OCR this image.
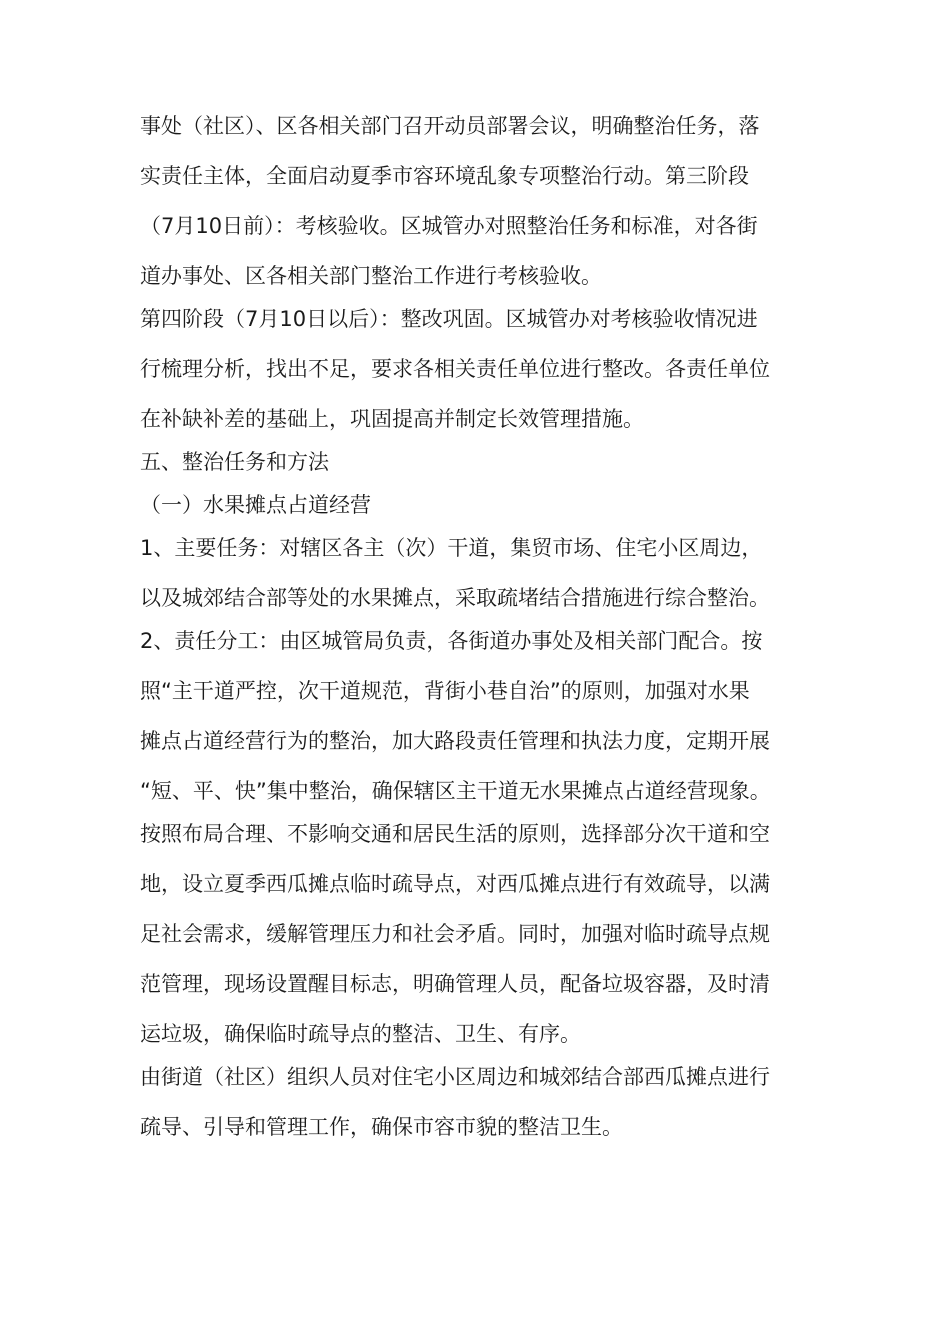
事处（社区）、区各相关部门召开动员部署会议，明确整治任务，落
实责任主体，全面启动夏季市容环境乱象专项整治行动。第三阶段
（7月10日前）：考核验收。区城管办对照整治任务和标准，对各街
道办事处、区各相关部门整治工作进行考核验收。
第四阶段（7月10日以后）：整改巩固。区城管办对考核验收情况进
行梳理分析，找出不足，要求各相关责任单位进行整改。各责任单位
在补缺补差的基础上，巩固提高并制定长效管理措施。
五、整治任务和方法
（一）水果摊点占道经营
1、主要任务：对辖区各主（次）干道，集贸市场、住宅小区周边，
以及城郊结合部等处的水果摊点，采取疏堵结合措施进行综合整治。
2、责任分工：由区城管局负责，各街道办事处及相关部门配合。按
照“主干道严控，次干道规范，背街小巷自治”的原则，加强对水果
摊点占道经营行为的整治，加大路段责任管理和执法力度，定期开展
“短、平、快”集中整治，确保辖区主干道无水果摊点占道经营现象。
按照布局合理、不影响交通和居民生活的原则，选择部分次干道和空
地，设立夏季西瓜摊点临时疏导点，对西瓜摊点进行有效疏导，以满
足社会需求，缓解管理压力和社会矛盾。同时，加强对临时疏导点规
范管理，现场设置醒目标志，明确管理人员，配备垃圾容器，及时清
运垃圾，确保临时疏导点的整洁、卫生、有序。
由街道（社区）组织人员对住宅小区周边和城郊结合部西瓜摊点进行
疏导、引导和管理工作，确保市容市貌的整洁卫生。
